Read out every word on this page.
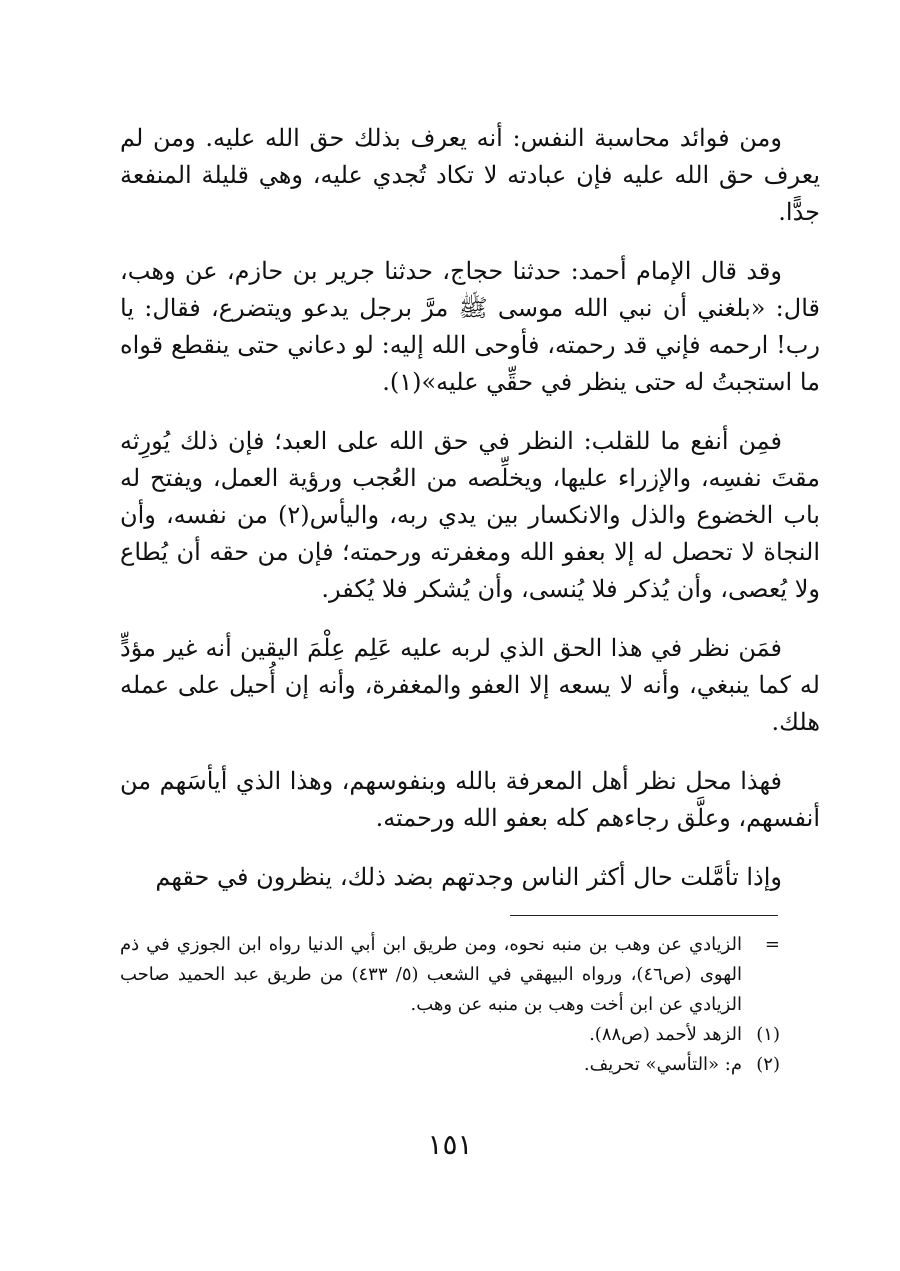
ومن فوائد محاسبة النفس: أنه يعرف بذلك حق الله عليه. ومن لم يعرف حق الله عليه فإن عبادته لا تكاد تُجدي عليه، وهي قليلة المنفعة جدًّا.

وقد قال الإمام أحمد: حدثنا حجاج، حدثنا جرير بن حازم، عن وهب، قال: «بلغني أن نبي الله موسى ﷺ مرَّ برجل يدعو ويتضرع، فقال: يا رب! ارحمه فإني قد رحمته، فأوحى الله إليه: لو دعاني حتى ينقطع قواه ما استجبتُ له حتى ينظر في حقِّي عليه»(١).

فمِن أنفع ما للقلب: النظر في حق الله على العبد؛ فإن ذلك يُورِثه مقتَ نفسِه، والإزراء عليها، ويخلِّصه من العُجب ورؤية العمل، ويفتح له باب الخضوع والذل والانكسار بين يدي ربه، واليأس(٢) من نفسه، وأن النجاة لا تحصل له إلا بعفو الله ومغفرته ورحمته؛ فإن من حقه أن يُطاع ولا يُعصى، وأن يُذكر فلا يُنسى، وأن يُشكر فلا يُكفر.

فمَن نظر في هذا الحق الذي لربه عليه عَلِم عِلْمَ اليقين أنه غير مؤدٍّ له كما ينبغي، وأنه لا يسعه إلا العفو والمغفرة، وأنه إن أُحيل على عمله هلك.

فهذا محل نظر أهل المعرفة بالله وبنفوسهم، وهذا الذي أيأسَهم من أنفسهم، وعلَّق رجاءهم كله بعفو الله ورحمته.

وإذا تأمَّلت حال أكثر الناس وجدتهم بضد ذلك، ينظرون في حقهم

=
الزيادي عن وهب بن منبه نحوه، ومن طريق ابن أبي الدنيا رواه ابن الجوزي في ذم الهوى (ص٤٦)، ورواه البيهقي في الشعب (٥/ ٤٣٣) من طريق عبد الحميد صاحب الزيادي عن ابن أخت وهب بن منبه عن وهب.
(١)
الزهد لأحمد (ص٨٨).
(٢)
م: «التأسي» تحريف.
١٥١
